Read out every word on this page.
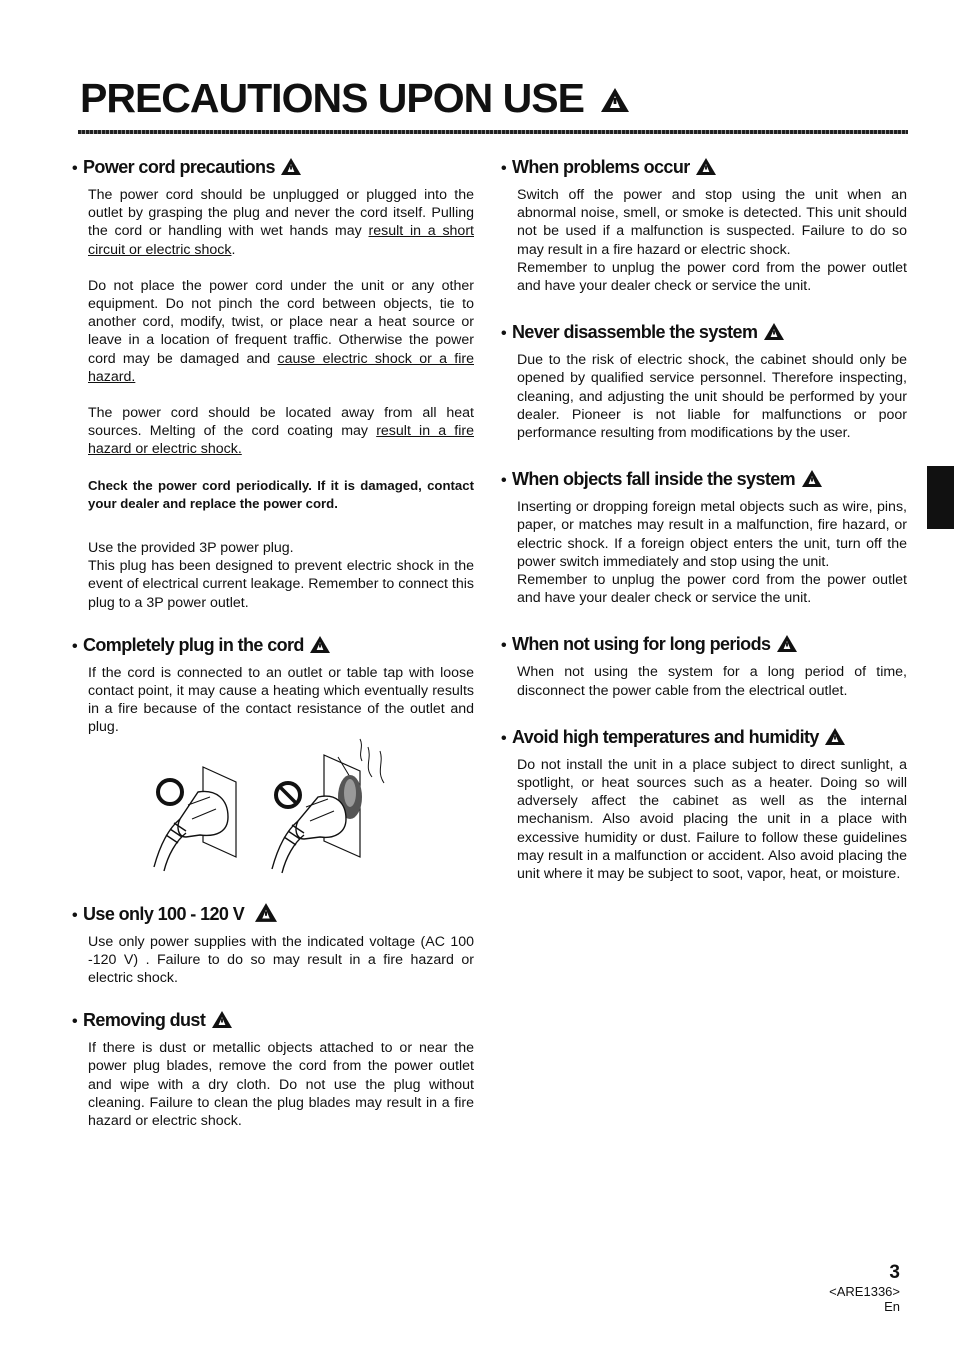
PRECAUTIONS UPON USE
• Power cord precautions

The power cord should be unplugged or plugged into the outlet by grasping the plug and never the cord itself. Pulling the cord or handling with wet hands may result in a short circuit or electric shock.

Do not place the power cord under the unit or any other equipment. Do not pinch the cord between objects, tie to another cord, modify, twist, or place near a heat source or leave in a location of frequent traffic. Otherwise the power cord may be damaged and cause electric shock or a fire hazard.

The power cord should be located away from all heat sources. Melting of the cord coating may result in a fire hazard or electric shock.

Check the power cord periodically. If it is damaged, contact your dealer and replace the power cord.

Use the provided 3P power plug.

This plug has been designed to prevent electric shock in the event of electrical current leakage. Remember to connect this plug to a 3P power outlet.

• Completely plug in the cord

If the cord is connected to an outlet or table tap with loose contact point, it may cause a heating which eventually results in a fire because of the contact resistance of the outlet and plug.

• Use only 100 - 120 V

Use only power supplies with the indicated voltage (AC 100 -120 V) . Failure to do so may result in a fire hazard or electric shock.

• Removing dust

If there is dust or metallic objects attached to or near the power plug blades, remove the cord from the power outlet and wipe with a dry cloth. Do not use the plug without cleaning. Failure to clean the plug blades may result in a fire hazard or electric shock.

• When problems occur

Switch off the power and stop using the unit when an abnormal noise, smell, or smoke is detected. This unit should not be used if a malfunction is suspected. Failure to do so may result in a fire hazard or electric shock.

Remember to unplug the power cord from the power outlet and have your dealer check or service the unit.

• Never disassemble the system

Due to the risk of electric shock, the cabinet should only be opened by qualified service personnel. Therefore inspecting, cleaning, and adjusting the unit should be performed by your dealer. Pioneer is not liable for malfunctions or poor performance resulting from modifications by the user.

• When objects fall inside the system

Inserting or dropping foreign metal objects such as wire, pins, paper, or matches may result in a malfunction, fire hazard, or electric shock. If a foreign object enters the unit, turn off the power switch immediately and stop using the unit.

Remember to unplug the power cord from the power outlet and have your dealer check or service the unit.

• When not using for long periods

When not using the system for a long period of time, disconnect the power cable from the electrical outlet.

• Avoid high temperatures and humidity

Do not install the unit in a place subject to direct sunlight, a spotlight, or heat sources such as a heater. Doing so will adversely affect the cabinet as well as the internal mechanism. Also avoid placing the unit in a place with excessive humidity or dust. Failure to follow these guidelines may result in a malfunction or accident. Also avoid placing the unit where it may be subject to soot, vapor, heat, or moisture.

3
<ARE1336>
En
